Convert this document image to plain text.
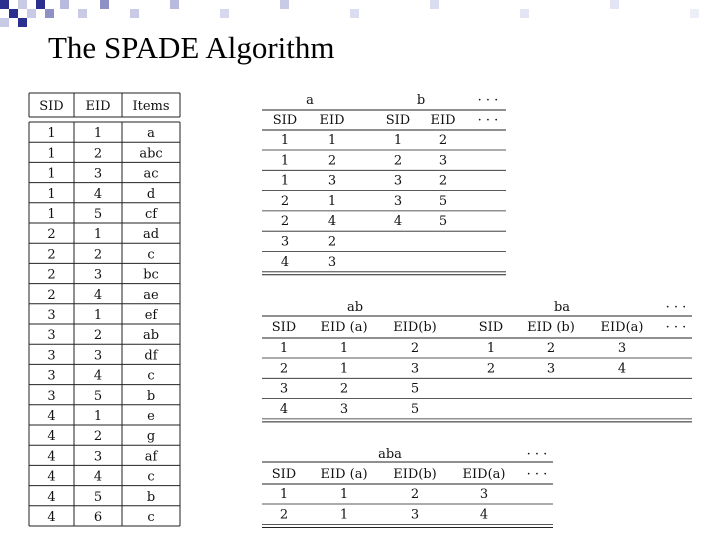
The SPADE Algorithm
SID EID Items
1	1	a
1	2	abc
1	3	ac
1	4	d
1	5	cf
2	1	ad
2	2	c
2	3	bc
2	4	ae
3	1	ef
3	2	ab
3	3	df
3	4	c
3	5	b
4	1	e
4	2	g
4	3	af
4	4	c
4	5	b
4	6	c
a	b	· · ·
· · ·
SID EID	SID EID
1	1	1	2
1	2	2	3
1	3	3	2
2	1	3	5
2	4	4	5
3	2
4	3
ab	ba	· · ·
· · ·
SID EID (a) EID(b)	SID EID (b) EID(a)
1	1	2	1	2	3
2	1	3	2	3	4
3	2	5
4	3	5
aba	· · ·
· · ·
SID EID (a) EID(b) EID(a)
1	1	2	3
2	1	3	4
